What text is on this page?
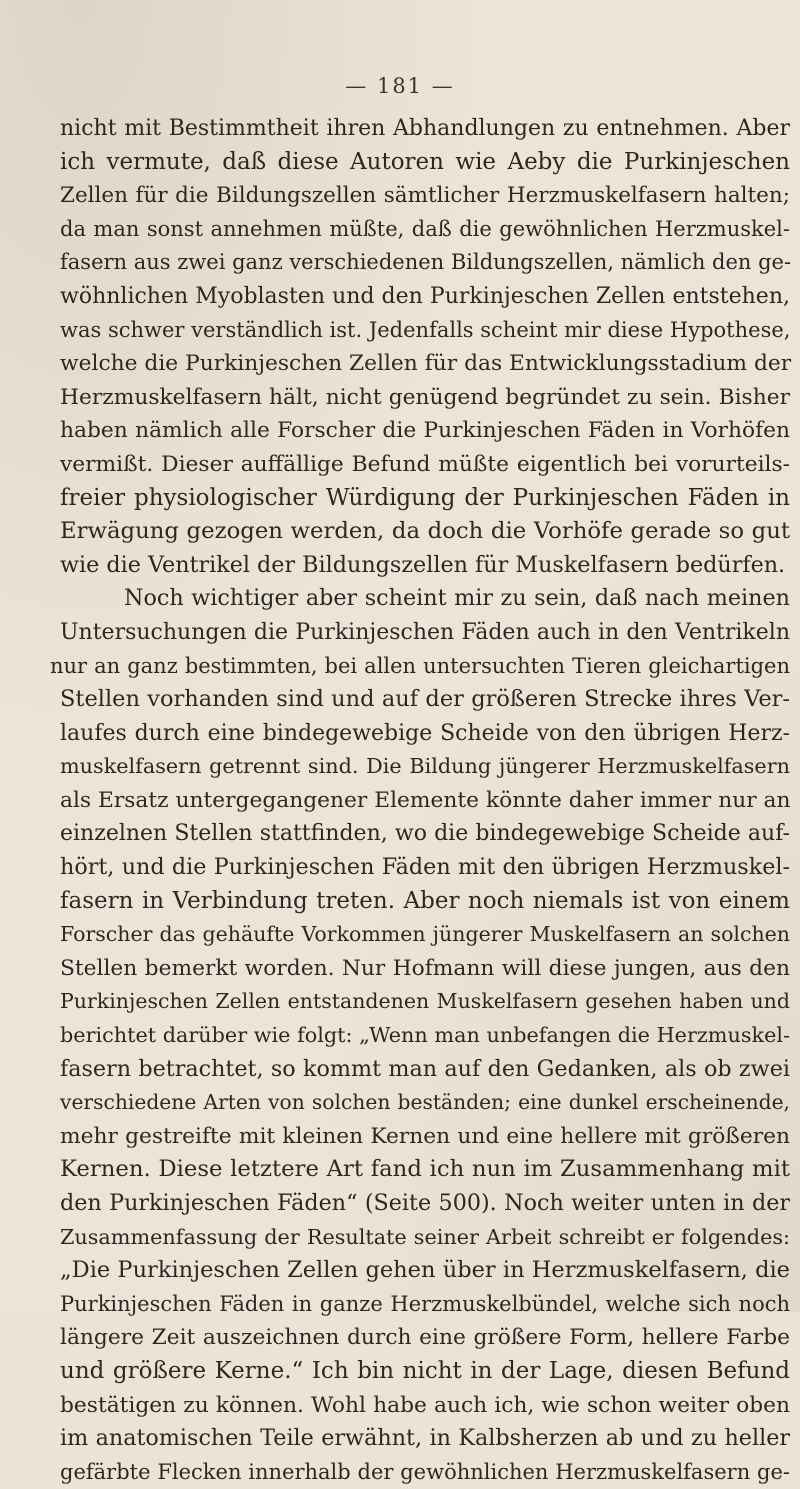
— 181 —
nicht mit Bestimmtheit ihren Abhandlungen zu entnehmen. Aber
ich vermute, daß diese Autoren wie Aeby die Purkinjeschen
Zellen für die Bildungszellen sämtlicher Herzmuskelfasern halten;
da man sonst annehmen müßte, daß die gewöhnlichen Herzmuskel-
fasern aus zwei ganz verschiedenen Bildungszellen, nämlich den ge-
wöhnlichen Myoblasten und den Purkinjeschen Zellen entstehen,
was schwer verständlich ist. Jedenfalls scheint mir diese Hypothese,
welche die Purkinjeschen Zellen für das Entwicklungsstadium der
Herzmuskelfasern hält, nicht genügend begründet zu sein. Bisher
haben nämlich alle Forscher die Purkinjeschen Fäden in Vorhöfen
vermißt. Dieser auffällige Befund müßte eigentlich bei vorurteils-
freier physiologischer Würdigung der Purkinjeschen Fäden in
Erwägung gezogen werden, da doch die Vorhöfe gerade so gut
wie die Ventrikel der Bildungszellen für Muskelfasern bedürfen.
Noch wichtiger aber scheint mir zu sein, daß nach meinen
Untersuchungen die Purkinjeschen Fäden auch in den Ventrikeln
nur an ganz bestimmten, bei allen untersuchten Tieren gleichartigen
Stellen vorhanden sind und auf der größeren Strecke ihres Ver-
laufes durch eine bindegewebige Scheide von den übrigen Herz-
muskelfasern getrennt sind. Die Bildung jüngerer Herzmuskelfasern
als Ersatz untergegangener Elemente könnte daher immer nur an
einzelnen Stellen stattfinden, wo die bindegewebige Scheide auf-
hört, und die Purkinjeschen Fäden mit den übrigen Herzmuskel-
fasern in Verbindung treten. Aber noch niemals ist von einem
Forscher das gehäufte Vorkommen jüngerer Muskelfasern an solchen
Stellen bemerkt worden. Nur Hofmann will diese jungen, aus den
Purkinjeschen Zellen entstandenen Muskelfasern gesehen haben und
berichtet darüber wie folgt: „Wenn man unbefangen die Herzmuskel-
fasern betrachtet, so kommt man auf den Gedanken, als ob zwei
verschiedene Arten von solchen beständen; eine dunkel erscheinende,
mehr gestreifte mit kleinen Kernen und eine hellere mit größeren
Kernen. Diese letztere Art fand ich nun im Zusammenhang mit
den Purkinjeschen Fäden“ (Seite 500). Noch weiter unten in der
Zusammenfassung der Resultate seiner Arbeit schreibt er folgendes:
„Die Purkinjeschen Zellen gehen über in Herzmuskelfasern, die
Purkinjeschen Fäden in ganze Herzmuskelbündel, welche sich noch
längere Zeit auszeichnen durch eine größere Form, hellere Farbe
und größere Kerne.“ Ich bin nicht in der Lage, diesen Befund
bestätigen zu können. Wohl habe auch ich, wie schon weiter oben
im anatomischen Teile erwähnt, in Kalbsherzen ab und zu heller
gefärbte Flecken innerhalb der gewöhnlichen Herzmuskelfasern ge-
